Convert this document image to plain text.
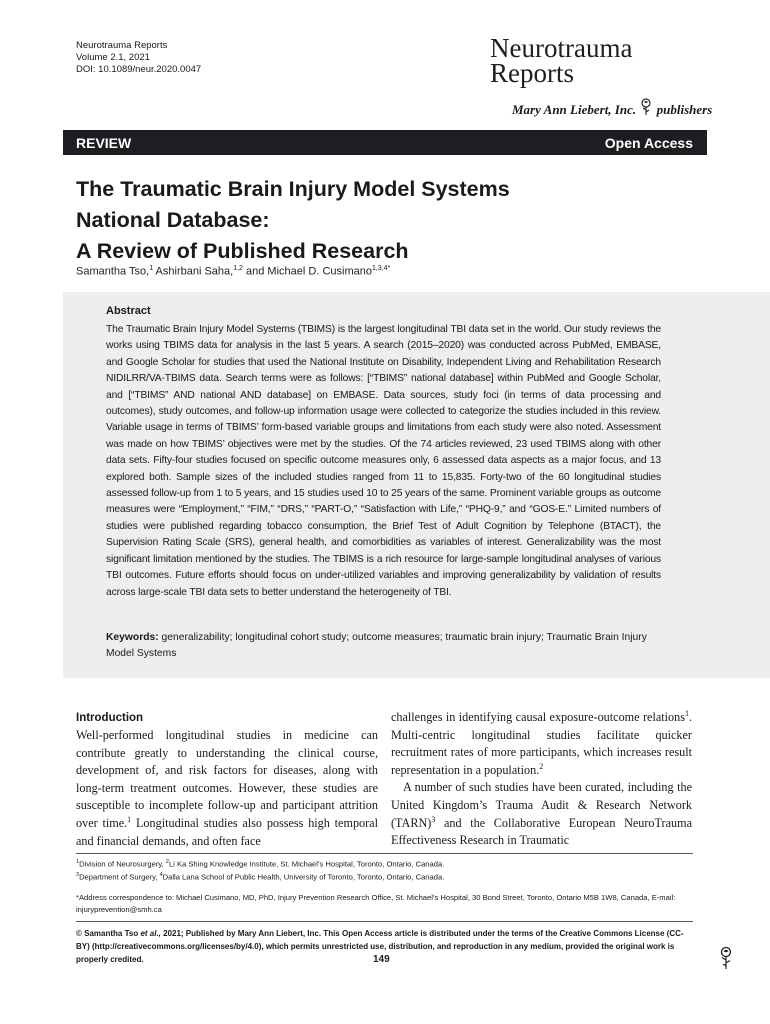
Neurotrauma Reports
Volume 2.1, 2021
DOI: 10.1089/neur.2020.0047
Neurotrauma
Reports
Mary Ann Liebert, Inc. publishers
REVIEW	Open Access
The Traumatic Brain Injury Model Systems
National Database:
A Review of Published Research
Samantha Tso,$^1$ Ashirbani Saha,$^{1,2}$ and Michael D. Cusimano$^{1,3,4*}$
Abstract
The Traumatic Brain Injury Model Systems (TBIMS) is the largest longitudinal TBI data set in the world. Our study reviews the works using TBIMS data for analysis in the last 5 years. A search (2015–2020) was conducted across PubMed, EMBASE, and Google Scholar for studies that used the National Institute on Disability, Independent Living and Rehabilitation Research NIDILRR/VA-TBIMS data. Search terms were as follows: [“TBIMS” national database] within PubMed and Google Scholar, and [“TBIMS” AND national AND database] on EMBASE. Data sources, study foci (in terms of data processing and outcomes), study outcomes, and follow-up information usage were collected to categorize the studies included in this review. Variable usage in terms of TBIMS’ form-based variable groups and limitations from each study were also noted. Assessment was made on how TBIMS’ objectives were met by the studies. Of the 74 articles reviewed, 23 used TBIMS along with other data sets. Fifty-four studies focused on specific outcome measures only, 6 assessed data aspects as a major focus, and 13 explored both. Sample sizes of the included studies ranged from 11 to 15,835. Forty-two of the 60 longitudinal studies assessed follow-up from 1 to 5 years, and 15 studies used 10 to 25 years of the same. Prominent variable groups as outcome measures were “Employment,” “FIM,” “DRS,” “PART-O,” “Satisfaction with Life,” “PHQ-9,” and “GOS-E.” Limited numbers of studies were published regarding tobacco consumption, the Brief Test of Adult Cognition by Telephone (BTACT), the Supervision Rating Scale (SRS), general health, and comorbidities as variables of interest. Generalizability was the most significant limitation mentioned by the studies. The TBIMS is a rich resource for large-sample longitudinal analyses of various TBI outcomes. Future efforts should focus on under-utilized variables and improving generalizability by validation of results across large-scale TBI data sets to better understand the heterogeneity of TBI.
Keywords: generalizability; longitudinal cohort study; outcome measures; traumatic brain injury; Traumatic Brain Injury Model Systems
Introduction
Well-performed longitudinal studies in medicine can contribute greatly to understanding the clinical course, development of, and risk factors for diseases, along with long-term treatment outcomes. However, these studies are susceptible to incomplete follow-up and participant attrition over time.$^1$ Longitudinal studies also possess high temporal and financial demands, and often face
challenges in identifying causal exposure-outcome relations$^1$. Multi-centric longitudinal studies facilitate quicker recruitment rates of more participants, which increases result representation in a population.$^2$
A number of such studies have been curated, including the United Kingdom’s Trauma Audit & Research Network (TARN)$^3$ and the Collaborative European NeuroTrauma Effectiveness Research in Traumatic
$^1$Division of Neurosurgery, $^2$Li Ka Shing Knowledge Institute, St. Michael’s Hospital, Toronto, Ontario, Canada.
$^3$Department of Surgery, $^4$Dalla Lana School of Public Health, University of Toronto, Toronto, Ontario, Canada.
*Address correspondence to: Michael Cusimano, MD, PhD, Injury Prevention Research Office, St. Michael’s Hospital, 30 Bond Street, Toronto, Ontario M5B 1W8, Canada, E-mail: injuryprevention@smh.ca
© Samantha Tso et al., 2021; Published by Mary Ann Liebert, Inc. This Open Access article is distributed under the terms of the Creative Commons License (CC-BY) (http://creativecommons.org/licenses/by/4.0), which permits unrestricted use, distribution, and reproduction in any medium, provided the original work is properly credited.	149
